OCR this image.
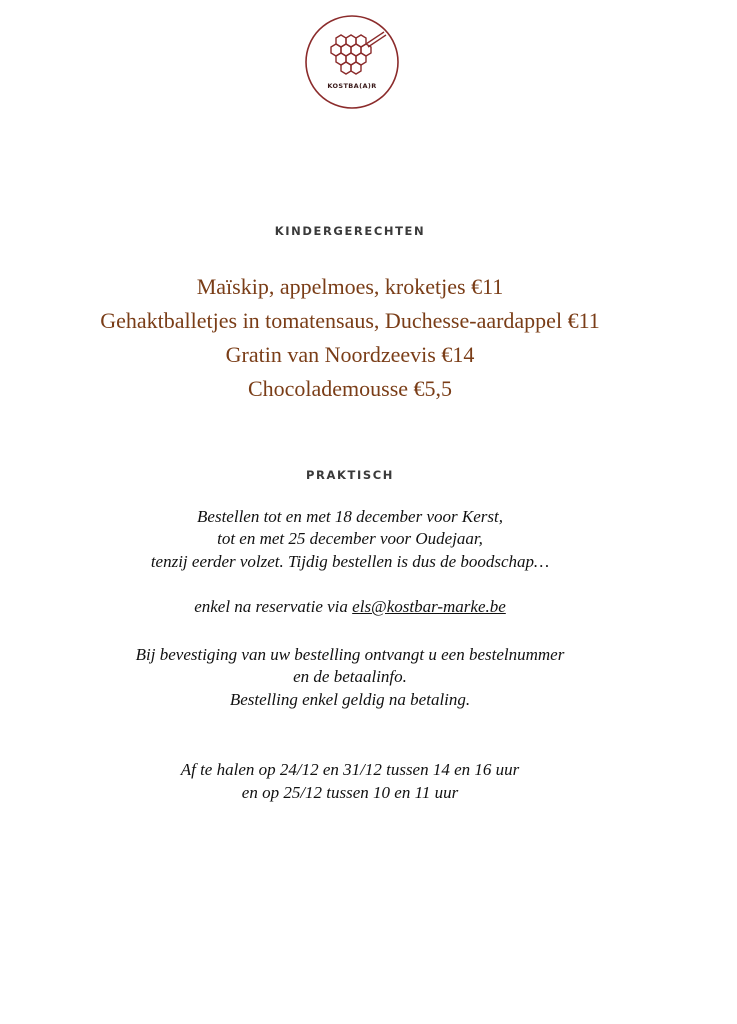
KOSTBA(A)R
KINDERGERECHTEN
Maïskip, appelmoes, kroketjes €11
Gehaktballetjes in tomatensaus, Duchesse-aardappel €11
Gratin van Noordzeevis €14
Chocolademousse €5,5
PRAKTISCH
Bestellen tot en met 18 december voor Kerst,
tot en met 25 december voor Oudejaar,
tenzij eerder volzet. Tijdig bestellen is dus de boodschap…
enkel na reservatie via els@kostbar-marke.be
Bij bevestiging van uw bestelling ontvangt u een bestelnummer
en de betaalinfo.
Bestelling enkel geldig na betaling.
Af te halen op 24/12 en 31/12 tussen 14 en 16 uur
en op 25/12 tussen 10 en 11 uur
